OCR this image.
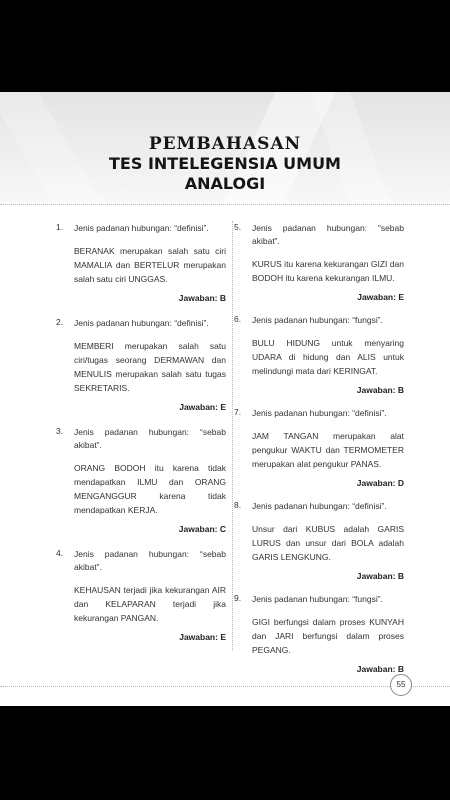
PEMBAHASAN
TES INTELEGENSIA UMUM
ANALOGI
1. Jenis padanan hubungan: “definisi”.
BERANAK merupakan salah satu ciri MAMALIA dan BERTELUR merupakan salah satu ciri UNGGAS.
Jawaban: B
2. Jenis padanan hubungan: “definisi”.
MEMBERI merupakan salah satu ciri/tugas seorang DERMAWAN dan MENULIS merupakan salah satu tugas SEKRETARIS.
Jawaban: E
3. Jenis padanan hubungan: “sebab akibat”.
ORANG BODOH itu karena tidak mendapatkan ILMU dan ORANG MENGANGGUR karena tidak mendapatkan KERJA.
Jawaban: C
4. Jenis padanan hubungan: “sebab akibat”.
KEHAUSAN terjadi jika kekurangan AIR dan KELAPARAN terjadi jika kekurangan PANGAN.
Jawaban: E
5. Jenis padanan hubungan: “sebab akibat”.
KURUS itu karena kekurangan GIZI dan BODOH itu karena kekurangan ILMU.
Jawaban: E
6. Jenis padanan hubungan: “fungsi”.
BULU HIDUNG untuk menyaring UDARA di hidung dan ALIS untuk melindungi mata dari KERINGAT.
Jawaban: B
7. Jenis padanan hubungan: “definisi”.
JAM TANGAN merupakan alat pengukur WAKTU dan TERMOMETER merupakan alat pengukur PANAS.
Jawaban: D
8. Jenis padanan hubungan: “definisi”.
Unsur dari KUBUS adalah GARIS LURUS dan unsur dari BOLA adalah GARIS LENGKUNG.
Jawaban: B
9. Jenis padanan hubungan: “fungsi”.
GIGI berfungsi dalam proses KUNYAH dan JARI berfungsi dalam proses PEGANG.
Jawaban: B
55
